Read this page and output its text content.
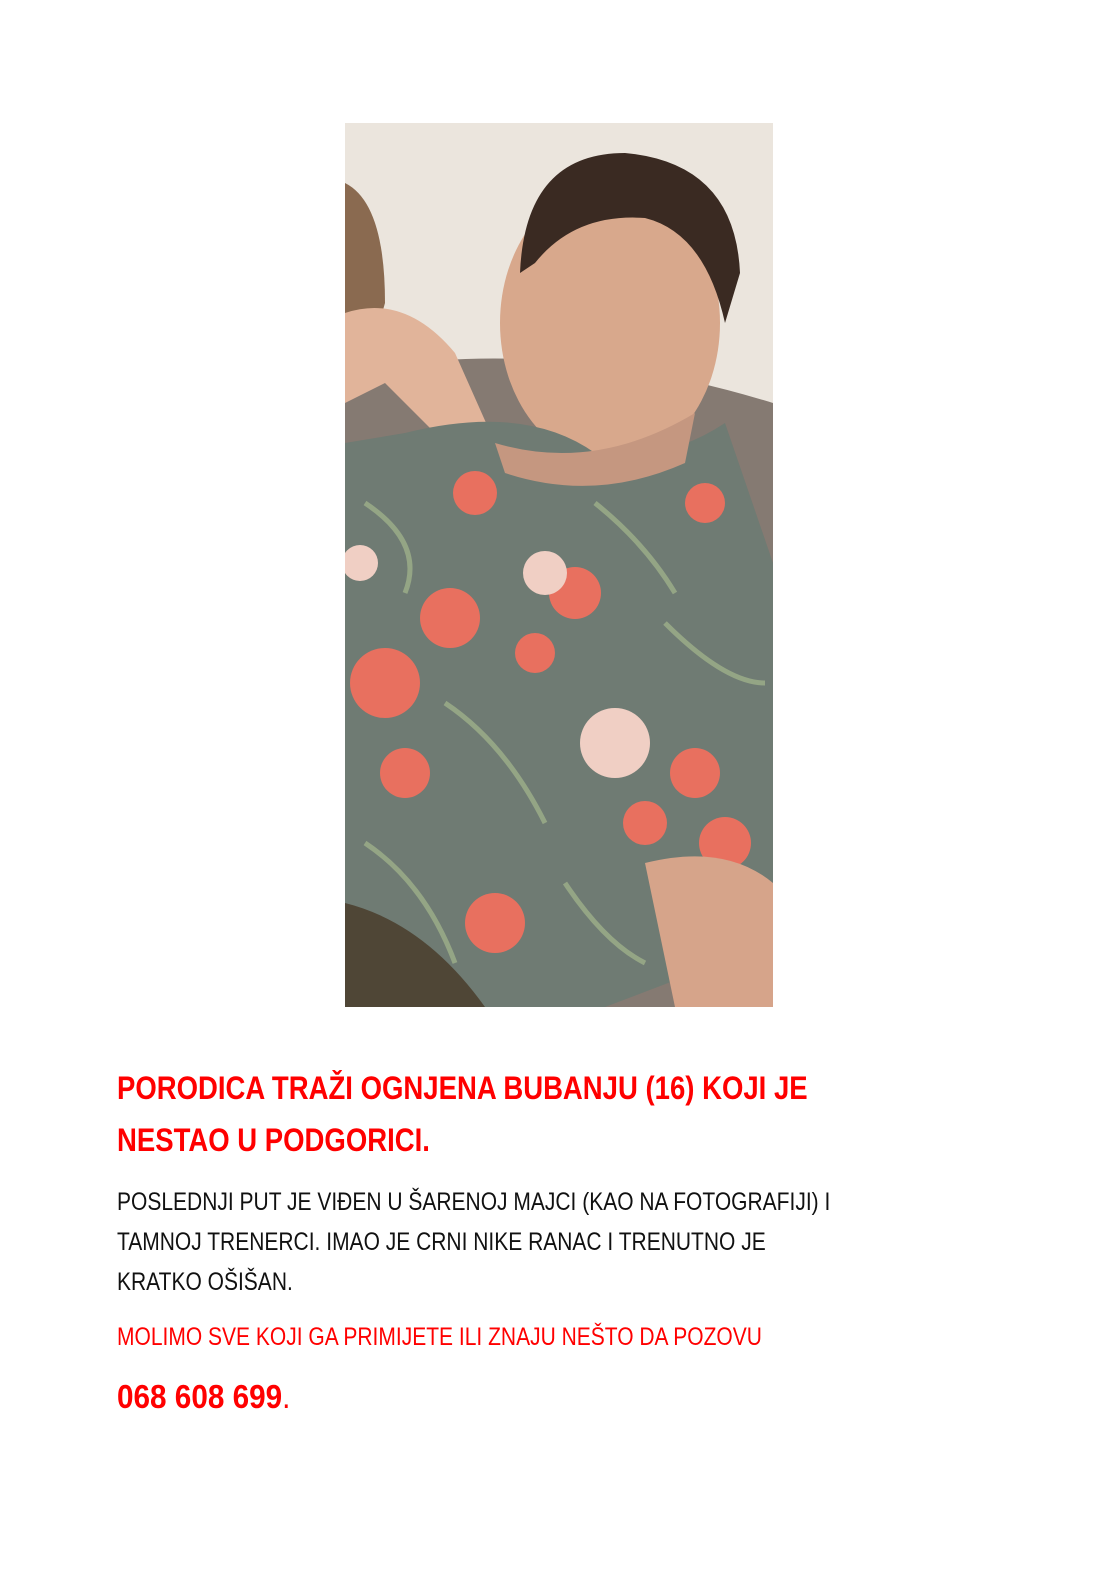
PORODICA TRAŽI OGNJENA BUBANJU (16) KOJI JE
NESTAO U PODGORICI.
POSLEDNJI PUT JE VIĐEN U ŠARENOJ MAJCI (KAO NA FOTOGRAFIJI) I
TAMNOJ TRENERCI. IMAO JE CRNI NIKE RANAC I TRENUTNO JE
KRATKO OŠIŠAN.
MOLIMO SVE KOJI GA PRIMIJETE ILI ZNAJU NEŠTO DA POZOVU
068 608 699.
